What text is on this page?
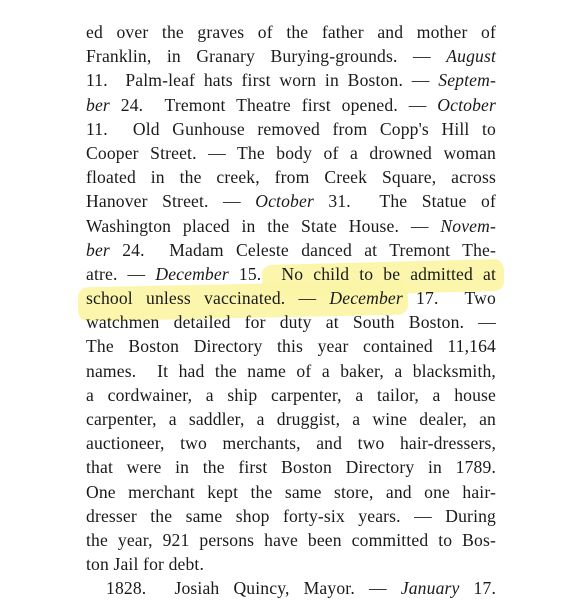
ed over the graves of the father and mother of
Franklin, in Granary Burying-grounds. — August
11.  Palm-leaf hats first worn in Boston. — Septem-
ber 24.  Tremont Theatre first opened. — October
11.  Old Gunhouse removed from Copp's Hill to
Cooper Street. — The body of a drowned woman
floated in the creek, from Creek Square, across
Hanover Street. — October 31.  The Statue of
Washington placed in the State House. — Novem-
ber 24.  Madam Celeste danced at Tremont The-
atre. — December 15.  No child to be admitted at
school unless vaccinated. — December 17.  Two
watchmen detailed for duty at South Boston. —
The Boston Directory this year contained 11,164
names.  It had the name of a baker, a blacksmith,
a cordwainer, a ship carpenter, a tailor, a house
carpenter, a saddler, a druggist, a wine dealer, an
auctioneer, two merchants, and two hair-dressers,
that were in the first Boston Directory in 1789.
One merchant kept the same store, and one hair-
dresser the same shop forty-six years. — During
the year, 921 persons have been committed to Bos-
ton Jail for debt.
1828.  Josiah Quincy, Mayor. — January 17.
